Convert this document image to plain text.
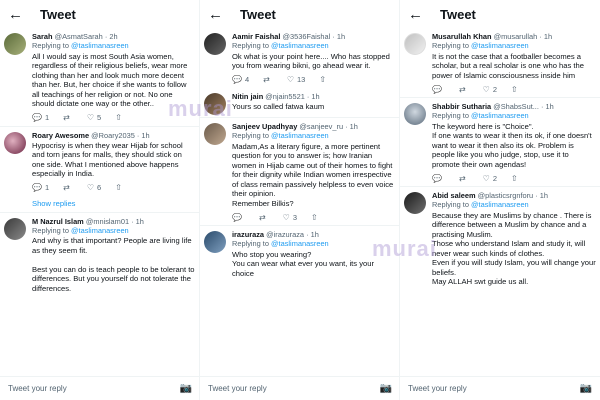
← Tweet
Sarah @AsmatSarah · 2h
Replying to @taslimanasreen
All I would say is most South Asia women, regardless of their religious beliefs, wear more clothing than her and look much more decent than her. But, her choice if she wants to follow all teachings of her religion or not. No one should dictate one way or the other..
💬 1 ⇄ ♡ 5 ⇧
Roary Awesome @Roary2035 · 1h
Hypocrisy is when they wear Hijab for school and torn jeans for malls, they should stick on one side. What I mentioned above happens especially in India.
💬 1 ⇄ ♡ 6 ⇧
Show replies
M Nazrul Islam @mnislam01 · 1h
Replying to @taslimanasreen
And why is that important? People are living life as they seem fit.

Best you can do is teach people to be tolerant to differences. But you yourself do not tolerate the differences.
Tweet your reply	📷
← Tweet
Aamir Faishal @3536Faishal · 1h
Replying to @taslimanasreen
Ok what is your point here.... Who has stopped you from wearing bikni, go ahead wear it.
💬 4 ⇄ ♡ 13 ⇧
Nitin jain @njain5521 · 1h
Yours so called fatwa kaum
Sanjeev Upadhyay @sanjeev_ru · 1h
Replying to @taslimanasreen
Madam,As a literary figure, a more pertinent question for you to answer is; how Iranian women in Hijab came out of their homes to fight for their dignity while Indian women irrespective of class remain passively helpless to even voice their opinion.
Remember Bilkis?
💬 ⇄ ♡ 3 ⇧
irazuraza @irazuraza · 1h
Replying to @taslimanasreen
Who stop you wearing?
You can wear what ever you want, its your choice
Tweet your reply	📷
← Tweet
Musarullah Khan @musarullah · 1h
Replying to @taslimanasreen
It is not the case that a footballer becomes a scholar, but a real scholar is one who has the power of Islamic consciousness inside him
💬 ⇄ ♡ 2 ⇧
Shabbir Sutharia @ShabsSut... · 1h
Replying to @taslimanasreen
The keyword here is "Choice".
If one wants to wear it then its ok, if one doesn't want to wear it then also its ok. Problem is people like you who judge, stop, use it to promote their own agendas!
💬 ⇄ ♡ 2 ⇧
Abid saleem @plasticsrgnforu · 1h
Replying to @taslimanasreen
Because they are Muslims by chance . There is difference between a Muslim by chance and a practising Muslim.
Those who understand Islam and study it, will never wear such kinds of clothes.
Even if you will study Islam, you will change your beliefs.
May ALLAH swt guide us all.
Tweet your reply	📷
murai
murai
